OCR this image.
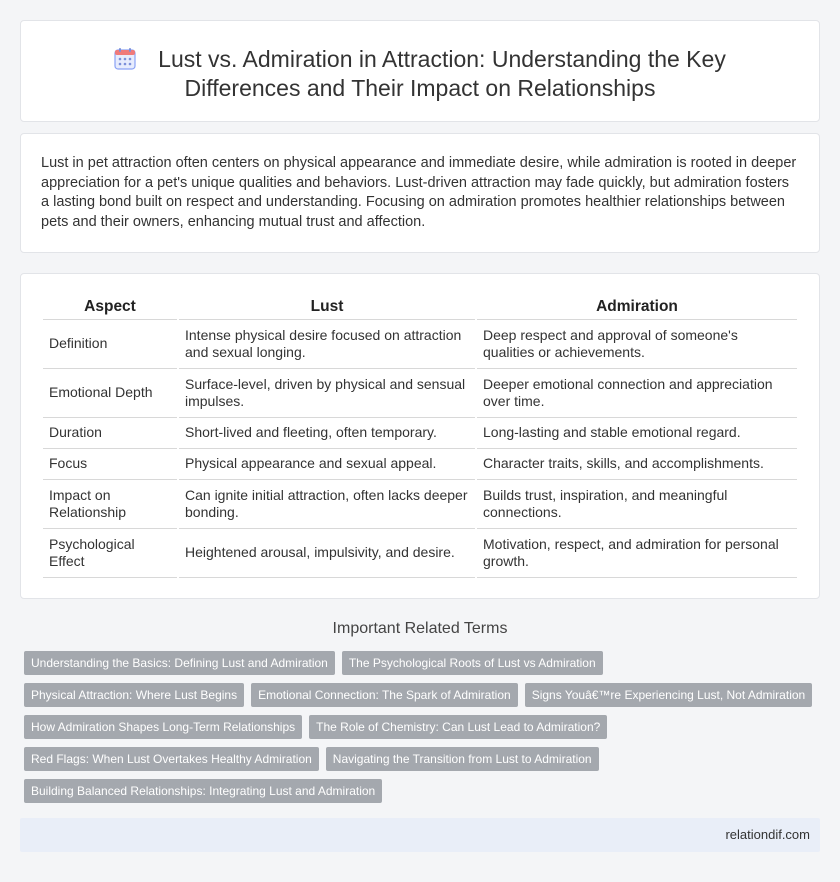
Lust vs. Admiration in Attraction: Understanding the Key Differences and Their Impact on Relationships

Lust in pet attraction often centers on physical appearance and immediate desire, while admiration is rooted in deeper appreciation for a pet's unique qualities and behaviors. Lust-driven attraction may fade quickly, but admiration fosters a lasting bond built on respect and understanding. Focusing on admiration promotes healthier relationships between pets and their owners, enhancing mutual trust and affection.

Aspect	Lust	Admiration
Definition	Intense physical desire focused on attraction and sexual longing.	Deep respect and approval of someone's qualities or achievements.
Emotional Depth	Surface-level, driven by physical and sensual impulses.	Deeper emotional connection and appreciation over time.
Duration	Short-lived and fleeting, often temporary.	Long-lasting and stable emotional regard.
Focus	Physical appearance and sexual appeal.	Character traits, skills, and accomplishments.
Impact on Relationship	Can ignite initial attraction, often lacks deeper bonding.	Builds trust, inspiration, and meaningful connections.
Psychological Effect	Heightened arousal, impulsivity, and desire.	Motivation, respect, and admiration for personal growth.
Important Related Terms
Understanding the Basics: Defining Lust and Admiration	The Psychological Roots of Lust vs Admiration
Physical Attraction: Where Lust Begins	Emotional Connection: The Spark of Admiration	Signs Youâ€™re Experiencing Lust, Not Admiration
How Admiration Shapes Long-Term Relationships	The Role of Chemistry: Can Lust Lead to Admiration?
Red Flags: When Lust Overtakes Healthy Admiration	Navigating the Transition from Lust to Admiration
Building Balanced Relationships: Integrating Lust and Admiration
relationdif.com
